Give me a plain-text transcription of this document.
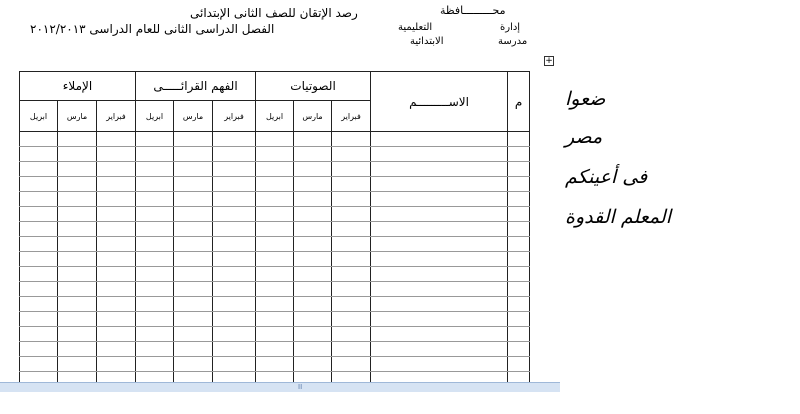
رصد الإتقان للصف الثانى الإبتدائى
الفصل الدراسى الثانى للعام الدراسى ٢٠١٢/٢٠١٣
محـــــــــافظة
إدارة
التعليمية
مدرسة
الابتدائية
+
م	الاســـــــــم	الصوتيات			الفهم القرائـــــى			الإملاء		
		فبراير	مارس	ابريل	فبراير	مارس	ابريل	فبراير	مارس	ابريل

II
ضعوا
مصر
فى أعينكم
المعلم القدوة
